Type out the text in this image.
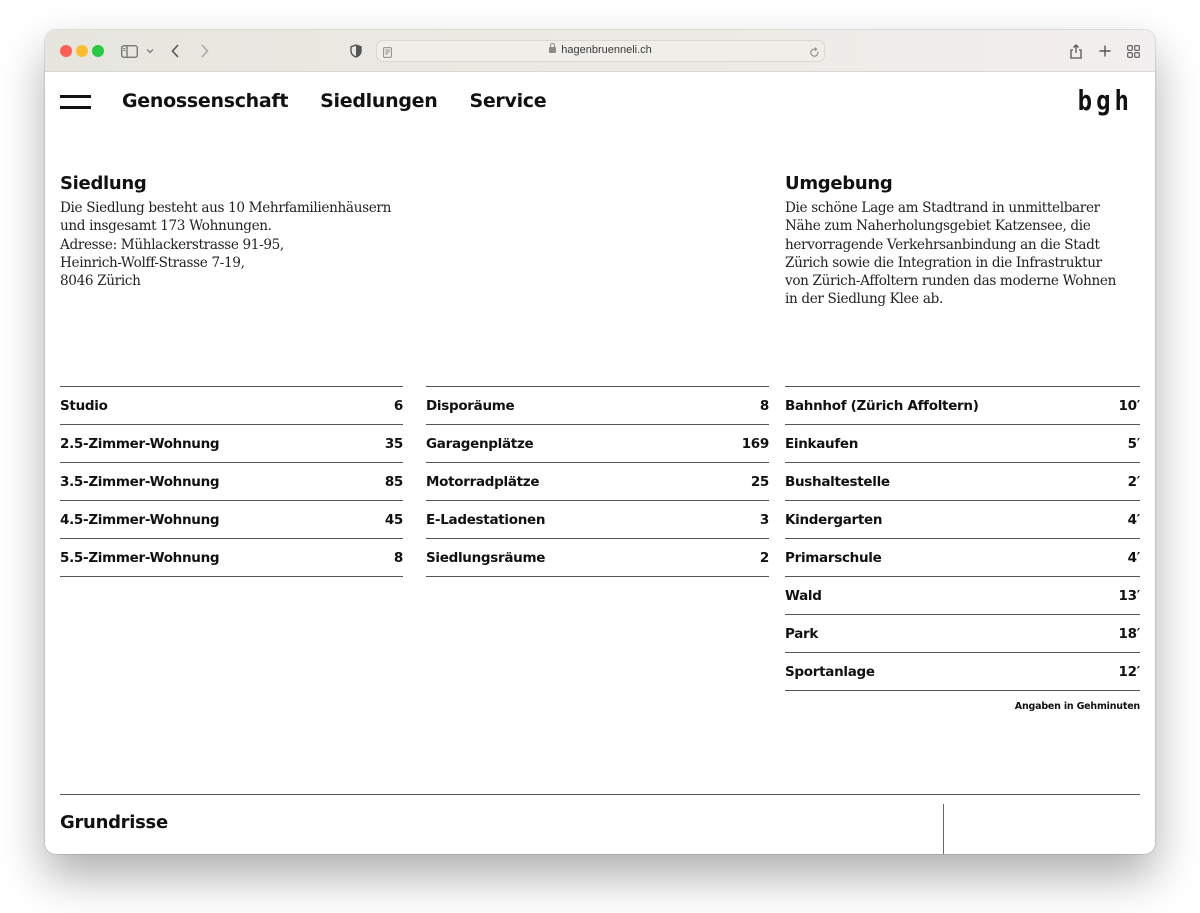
hagenbruenneli.ch
Genossenschaft Siedlungen Service	bgh
Siedlung

Die Siedlung besteht aus 10 Mehrfamilienhäusern
und insgesamt 173 Wohnungen.
Adresse: Mühlackerstrasse 91-95,
Heinrich-Wolff-Strasse 7-19,
8046 Zürich

Umgebung

Die schöne Lage am Stadtrand in unmittelbarer
Nähe zum Naherholungsgebiet Katzensee, die
hervorragende Verkehrsanbindung an die Stadt
Zürich sowie die Integration in die Infrastruktur
von Zürich-Affoltern runden das moderne Wohnen
in der Siedlung Klee ab.

Studio	6
2.5-Zimmer-Wohnung	35
3.5-Zimmer-Wohnung	85
4.5-Zimmer-Wohnung	45
5.5-Zimmer-Wohnung	8
Disporäume	8
Garagenplätze	169
Motorradplätze	25
E-Ladestationen	3
Siedlungsräume	2
Bahnhof (Zürich Affoltern)	10′
Einkaufen	5′
Bushaltestelle	2′
Kindergarten	4′
Primarschule	4′
Wald	13′
Park	18′
Sportanlage	12′
Angaben in Gehminuten
Grundrisse
